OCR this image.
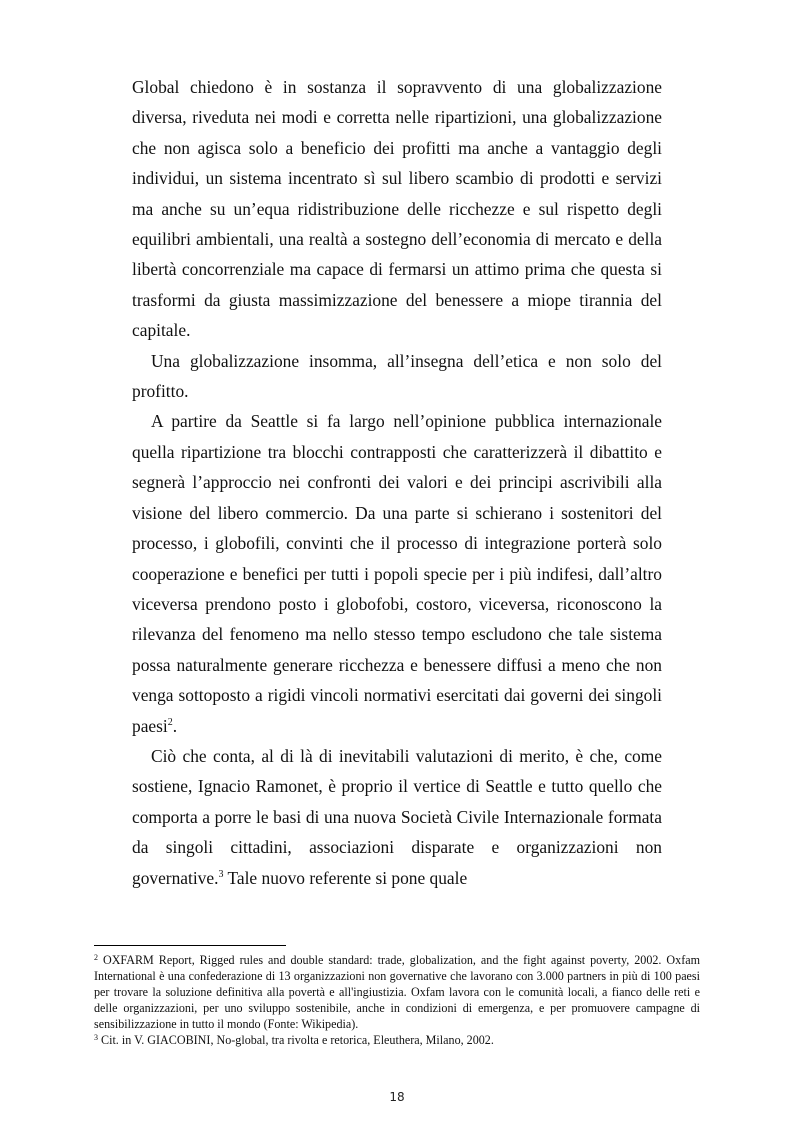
Global chiedono è in sostanza il sopravvento di una globalizzazione diversa, riveduta nei modi e corretta nelle ripartizioni, una globalizzazione che non agisca solo a beneficio dei profitti ma anche a vantaggio degli individui, un sistema incentrato sì sul libero scambio di prodotti e servizi ma anche su un’equa ridistribuzione delle ricchezze e sul rispetto degli equilibri ambientali, una realtà a sostegno dell’economia di mercato e della libertà concorrenziale ma capace di fermarsi un attimo prima che questa si trasformi da giusta massimizzazione del benessere a miope tirannia del capitale.

Una globalizzazione insomma, all’insegna dell’etica e non solo del profitto.

A partire da Seattle si fa largo nell’opinione pubblica internazionale quella ripartizione tra blocchi contrapposti che caratterizzerà il dibattito e segnerà l’approccio nei confronti dei valori e dei principi ascrivibili alla visione del libero commercio. Da una parte si schierano i sostenitori del processo, i globofili, convinti che il processo di integrazione porterà solo cooperazione e benefici per tutti i popoli specie per i più indifesi, dall’altro viceversa prendono posto i globofobi, costoro, viceversa, riconoscono la rilevanza del fenomeno ma nello stesso tempo escludono che tale sistema possa naturalmente generare ricchezza e benessere diffusi a meno che non venga sottoposto a rigidi vincoli normativi esercitati dai governi dei singoli paesi$^2$.

Ciò che conta, al di là di inevitabili valutazioni di merito, è che, come sostiene, Ignacio Ramonet, è proprio il vertice di Seattle e tutto quello che comporta a porre le basi di una nuova Società Civile Internazionale formata da singoli cittadini, associazioni disparate e organizzazioni non governative.$^3$ Tale nuovo referente si pone quale

$^2$ OXFARM Report, Rigged rules and double standard: trade, globalization, and the fight against poverty, 2002. Oxfam International è una confederazione di 13 organizzazioni non governative che lavorano con 3.000 partners in più di 100 paesi per trovare la soluzione definitiva alla povertà e all'ingiustizia. Oxfam lavora con le comunità locali, a fianco delle reti e delle organizzazioni, per uno sviluppo sostenibile, anche in condizioni di emergenza, e per promuovere campagne di sensibilizzazione in tutto il mondo (Fonte: Wikipedia).

$^3$ Cit. in V. GIACOBINI, No-global, tra rivolta e retorica, Eleuthera, Milano, 2002.

18
